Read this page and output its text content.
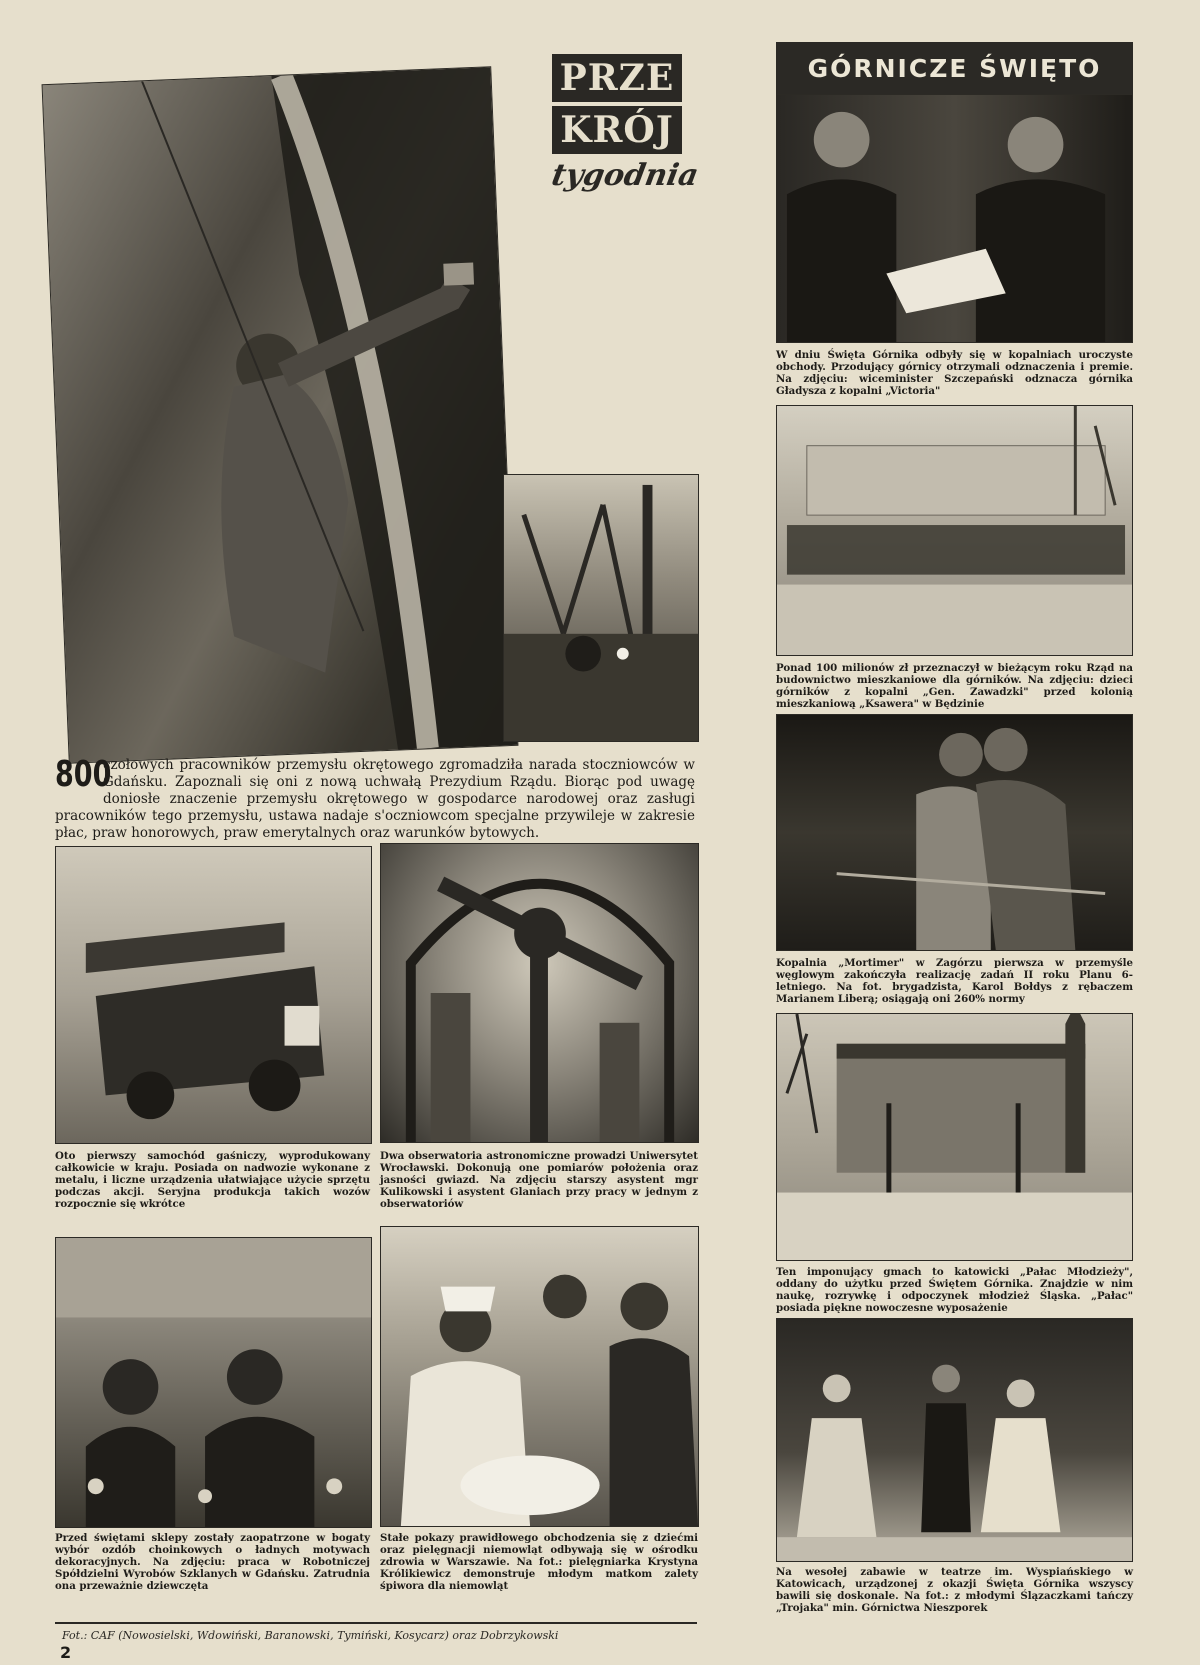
PRZE
KRÓJ
tygodnia
800
czołowych pracowników przemysłu okrętowego zgromadziła narada stoczniowców w Gdańsku. Zapoznali się oni z nową uchwałą Prezydium Rządu. Biorąc pod uwagę doniosłe znaczenie przemysłu okrętowego w gospodarce narodowej oraz zasługi pracowników tego przemysłu, ustawa nadaje s'oczniowcom specjalne przywileje w zakresie płac, praw honorowych, praw emerytalnych oraz warunków bytowych.
Oto pierwszy samochód gaśniczy, wyprodukowany całkowicie w kraju. Posiada on nadwozie wykonane z metalu, i liczne urządzenia ułatwiające użycie sprzętu podczas akcji. Seryjna produkcja takich wozów rozpocznie się wkrótce
Dwa obserwatoria astronomiczne prowadzi Uniwersytet Wrocławski. Dokonują one pomiarów położenia oraz jasności gwiazd. Na zdjęciu starszy asystent mgr Kulikowski i asystent Glaniach przy pracy w jednym z obserwatoriów
Przed świętami sklepy zostały zaopatrzone w bogaty wybór ozdób choinkowych o ładnych motywach dekoracyjnych. Na zdjęciu: praca w Robotniczej Spółdzielni Wyrobów Szklanych w Gdańsku. Zatrudnia ona przeważnie dziewczęta
Stałe pokazy prawidłowego obchodzenia się z dziećmi oraz pielęgnacji niemowląt odbywają się w ośrodku zdrowia w Warszawie. Na fot.: pielęgniarka Krystyna Królikiewicz demonstruje młodym matkom zalety śpiwora dla niemowląt
GÓRNICZE ŚWIĘTO
W dniu Święta Górnika odbyły się w kopalniach uroczyste obchody. Przodujący górnicy otrzymali odznaczenia i premie. Na zdjęciu: wiceminister Szczepański odznacza górnika Gładysza z kopalni „Victoria"
Ponad 100 milionów zł przeznaczył w bieżącym roku Rząd na budownictwo mieszkaniowe dla górników. Na zdjęciu: dzieci górników z kopalni „Gen. Zawadzki" przed kolonią mieszkaniową „Ksawera" w Będzinie
Kopalnia „Mortimer" w Zagórzu pierwsza w przemyśle węglowym zakończyła realizację zadań II roku Planu 6-letniego. Na fot. brygadzista, Karol Bołdys z rębaczem Marianem Liberą; osiągają oni 260% normy
Ten imponujący gmach to katowicki „Pałac Młodzieży", oddany do użytku przed Świętem Górnika. Znajdzie w nim naukę, rozrywkę i odpoczynek młodzież Śląska. „Pałac" posiada piękne nowoczesne wyposażenie
Na wesołej zabawie w teatrze im. Wyspiańskiego w Katowicach, urządzonej z okazji Święta Górnika wszyscy bawili się doskonale. Na fot.: z młodymi Ślązaczkami tańczy „Trojaka" min. Górnictwa Nieszporek
Fot.: CAF (Nowosielski, Wdowiński, Baranowski, Tymiński, Kosycarz) oraz Dobrzykowski
2
